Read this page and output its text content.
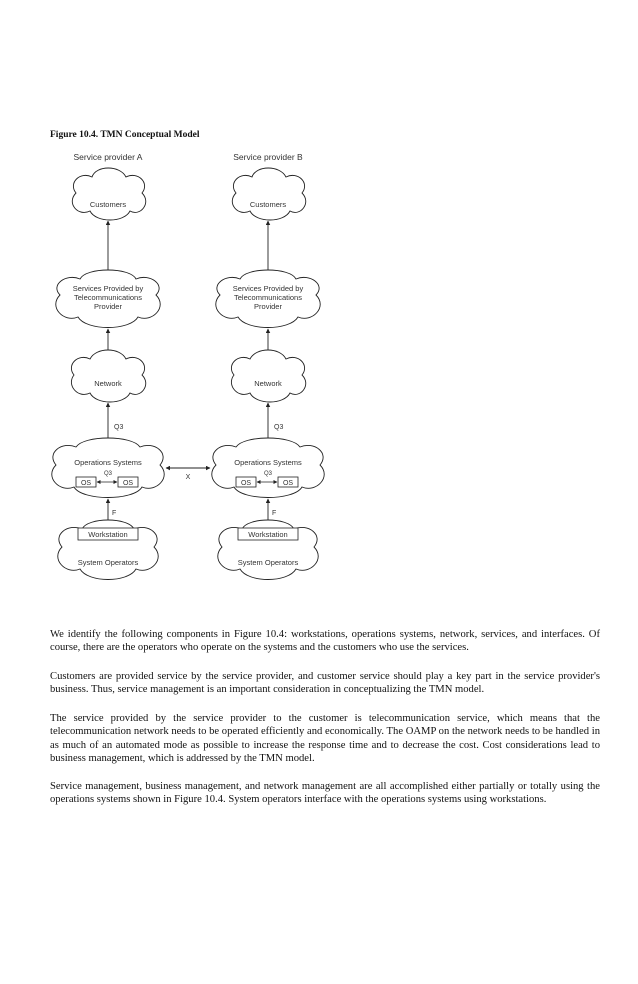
Figure 10.4. TMN Conceptual Model

Service provider A
Customers
Services Provided by
Telecommunications
Provider
Network
Q3
Operations Systems
Q3
OS	OS
F
Workstation
System Operators
Service provider B
Customers
Services Provided by
Telecommunications
Provider
Network
Q3
Operations Systems
Q3
OS	OS
F
Workstation
System Operators
X

We identify the following components in Figure 10.4: workstations, operations systems, network, services, and interfaces. Of course, there are the operators who operate on the systems and the customers who use the services.

Customers are provided service by the service provider, and customer service should play a key part in the service provider's business. Thus, service management is an important consideration in conceptualizing the TMN model.

The service provided by the service provider to the customer is telecommunication service, which means that the telecommunication network needs to be operated efficiently and economically. The OAMP on the network needs to be handled in as much of an automated mode as possible to increase the response time and to decrease the cost. Cost considerations lead to business management, which is addressed by the TMN model.

Service management, business management, and network management are all accomplished either partially or totally using the operations systems shown in Figure 10.4. System operators interface with the operations systems using workstations.
